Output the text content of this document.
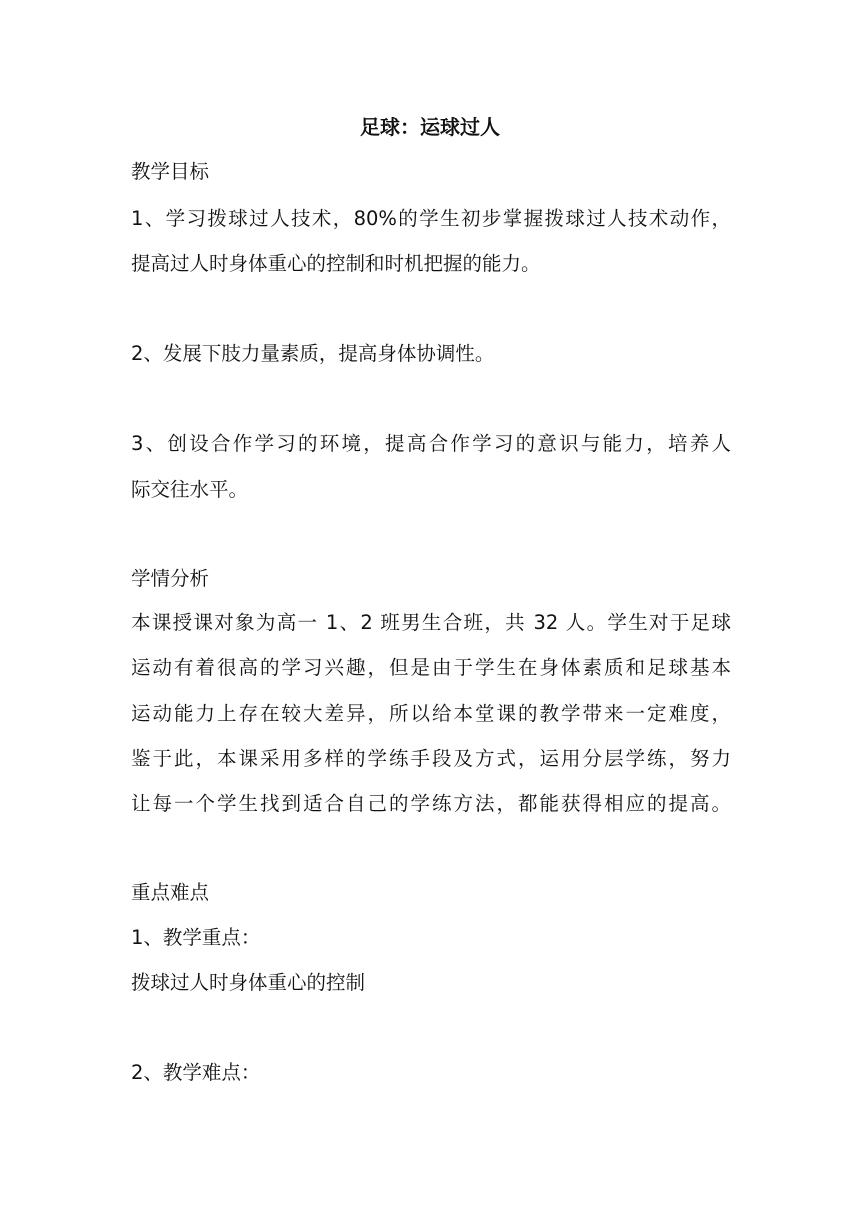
足球：运球过人
教学目标
1、学习拨球过人技术，80%的学生初步掌握拨球过人技术动作，
提高过人时身体重心的控制和时机把握的能力。
2、发展下肢力量素质，提高身体协调性。
3、创设合作学习的环境，提高合作学习的意识与能力，培养人
际交往水平。
学情分析
本课授课对象为高一 1、2 班男生合班，共 32 人。学生对于足球
运动有着很高的学习兴趣，但是由于学生在身体素质和足球基本
运动能力上存在较大差异，所以给本堂课的教学带来一定难度，
鉴于此，本课采用多样的学练手段及方式，运用分层学练，努力
让每一个学生找到适合自己的学练方法，都能获得相应的提高。
重点难点
1、教学重点：
拨球过人时身体重心的控制
2、教学难点：
